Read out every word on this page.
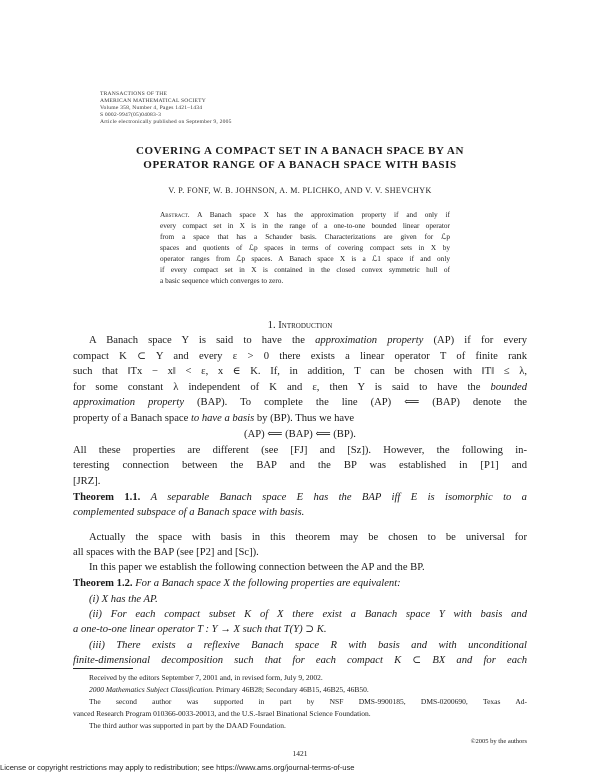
TRANSACTIONS OF THE
AMERICAN MATHEMATICAL SOCIETY
Volume 358, Number 4, Pages 1421–1434
S 0002-9947(05)04083-3
Article electronically published on September 9, 2005
COVERING A COMPACT SET IN A BANACH SPACE BY AN
OPERATOR RANGE OF A BANACH SPACE WITH BASIS
V. P. FONF, W. B. JOHNSON, A. M. PLICHKO, AND V. V. SHEVCHYK
Abstract. A Banach space X has the approximation property if and only if
every compact set in X is in the range of a one-to-one bounded linear operator
from a space that has a Schauder basis. Characterizations are given for ℒp
spaces and quotients of ℒp spaces in terms of covering compact sets in X by
operator ranges from ℒp spaces. A Banach space X is a ℒ1 space if and only
if every compact set in X is contained in the closed convex symmetric hull of
a basic sequence which converges to zero.
1. Introduction
A Banach space Y is said to have the approximation property (AP) if for every
compact K ⊂ Y and every ε > 0 there exists a linear operator T of finite rank
such that ‖Tx − x‖ < ε, x ∈ K. If, in addition, T can be chosen with ‖T‖ ≤ λ,
for some constant λ independent of K and ε, then Y is said to have the bounded
approximation property (BAP). To complete the line (AP) ⟸ (BAP) denote the
property of a Banach space to have a basis by (BP). Thus we have
(AP) ⟸ (BAP) ⟸ (BP).
All these properties are different (see [FJ] and [Sz]). However, the following in-
teresting connection between the BAP and the BP was established in [P1] and
[JRZ].
Theorem 1.1. A separable Banach space E has the BAP iff E is isomorphic to a
complemented subspace of a Banach space with basis.
Actually the space with basis in this theorem may be chosen to be universal for
all spaces with the BAP (see [P2] and [Sc]).
In this paper we establish the following connection between the AP and the BP.
Theorem 1.2. For a Banach space X the following properties are equivalent:
(i) X has the AP.
(ii) For each compact subset K of X there exist a Banach space Y with basis and
a one-to-one linear operator T : Y → X such that T(Y) ⊃ K.
(iii) There exists a reflexive Banach space R with basis and with unconditional
finite-dimensional decomposition such that for each compact K ⊂ BX and for each
Received by the editors September 7, 2001 and, in revised form, July 9, 2002.
2000 Mathematics Subject Classification. Primary 46B28; Secondary 46B15, 46B25, 46B50.
The second author was supported in part by NSF DMS-9900185, DMS-0200690, Texas Ad-
vanced Research Program 010366-0033-20013, and the U.S.-Israel Binational Science Foundation.
The third author was supported in part by the DAAD Foundation.
©2005 by the authors
1421
License or copyright restrictions may apply to redistribution; see https://www.ams.org/journal-terms-of-use
